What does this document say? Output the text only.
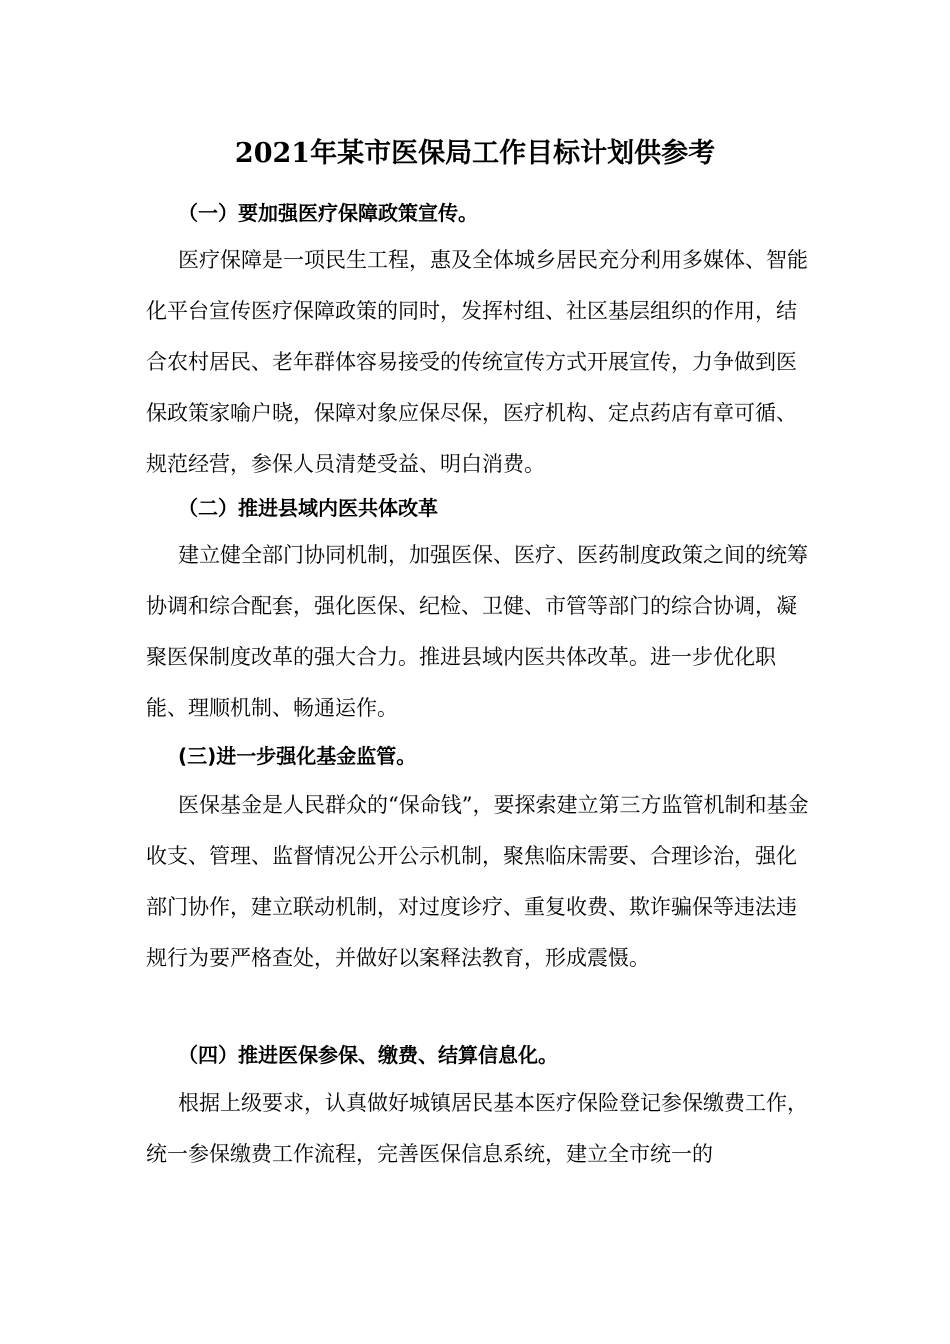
2021年某市医保局工作目标计划供参考
（一）要加强医疗保障政策宣传。

医疗保障是一项民生工程，惠及全体城乡居民充分利用多媒体、智能化平台宣传医疗保障政策的同时，发挥村组、社区基层组织的作用，结合农村居民、老年群体容易接受的传统宣传方式开展宣传，力争做到医保政策家喻户晓，保障对象应保尽保，医疗机构、定点药店有章可循、规范经营，参保人员清楚受益、明白消费。

（二）推进县域内医共体改革

建立健全部门协同机制，加强医保、医疗、医药制度政策之间的统筹协调和综合配套，强化医保、纪检、卫健、市管等部门的综合协调，凝聚医保制度改革的强大合力。推进县域内医共体改革。进一步优化职能、理顺机制、畅通运作。

(三)进一步强化基金监管。

医保基金是人民群众的“保命钱”，要探索建立第三方监管机制和基金收支、管理、监督情况公开公示机制，聚焦临床需要、合理诊治，强化部门协作，建立联动机制，对过度诊疗、重复收费、欺诈骗保等违法违规行为要严格查处，并做好以案释法教育，形成震慑。

（四）推进医保参保、缴费、结算信息化。

根据上级要求，认真做好城镇居民基本医疗保险登记参保缴费工作，统一参保缴费工作流程，完善医保信息系统，建立全市统一的
